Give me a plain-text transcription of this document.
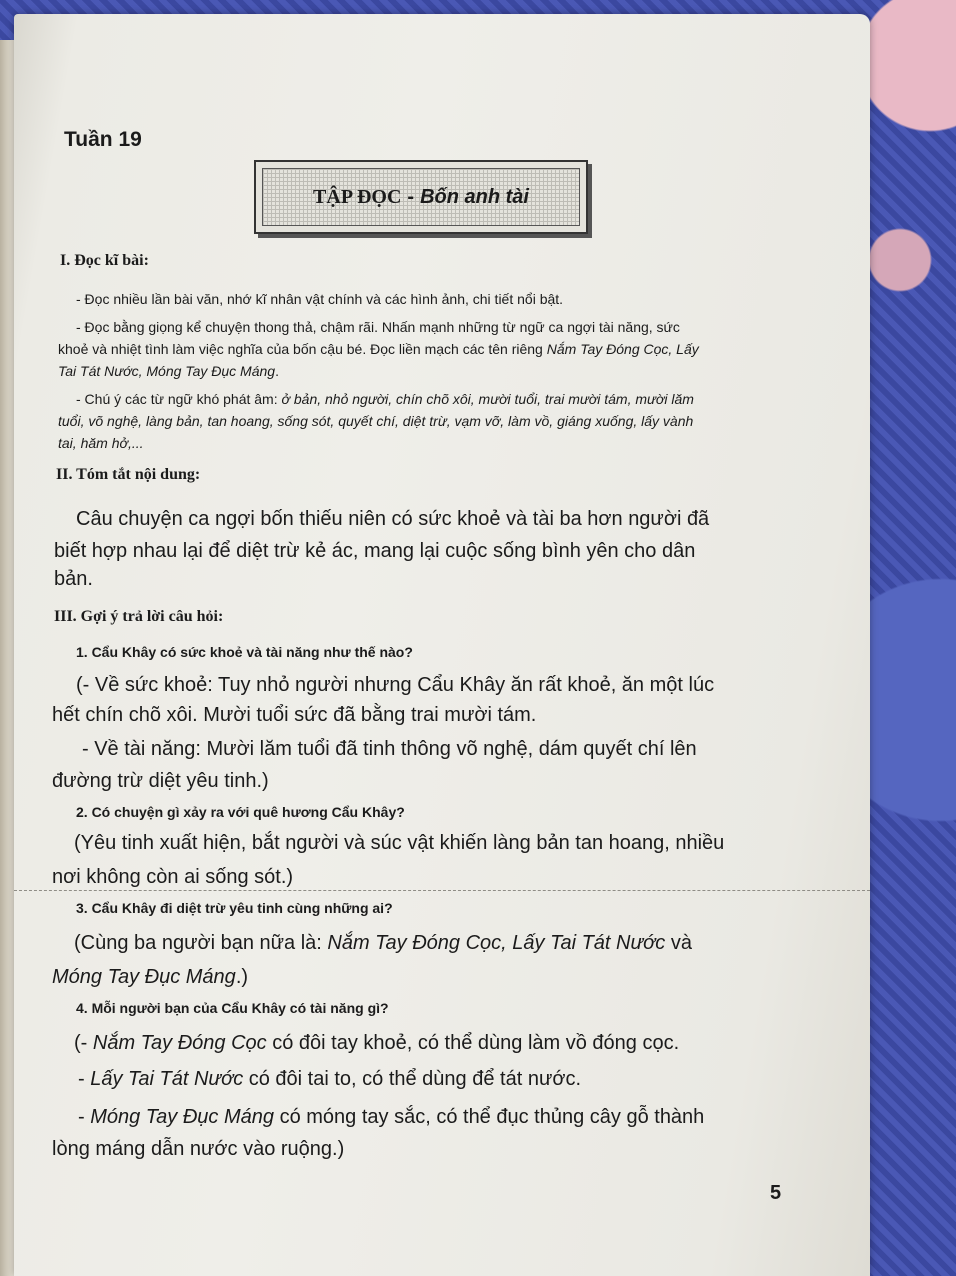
Tuần 19
TẬP ĐỌC - Bốn anh tài
I. Đọc kĩ bài:
- Đọc nhiều lần bài văn, nhớ kĩ nhân vật chính và các hình ảnh, chi tiết nổi bật.
- Đọc bằng giọng kể chuyện thong thả, chậm rãi. Nhấn mạnh những từ ngữ ca ngợi tài năng, sức
khoẻ và nhiệt tình làm việc nghĩa của bốn cậu bé. Đọc liền mạch các tên riêng Nắm Tay Đóng Cọc, Lấy
Tai Tát Nước, Móng Tay Đục Máng.
- Chú ý các từ ngữ khó phát âm: ở bản, nhỏ người, chín chõ xôi, mười tuổi, trai mười tám, mười lăm
tuổi, võ nghệ, làng bản, tan hoang, sống sót, quyết chí, diệt trừ, vạm vỡ, làm vồ, giáng xuống, lấy vành
tai, hăm hở,...
II. Tóm tắt nội dung:
Câu chuyện ca ngợi bốn thiếu niên có sức khoẻ và tài ba hơn người đã
biết hợp nhau lại để diệt trừ kẻ ác, mang lại cuộc sống bình yên cho dân
bản.
III. Gợi ý trả lời câu hỏi:
1. Cẩu Khây có sức khoẻ và tài năng như thế nào?
(- Về sức khoẻ: Tuy nhỏ người nhưng Cẩu Khây ăn rất khoẻ, ăn một lúc
hết chín chõ xôi. Mười tuổi sức đã bằng trai mười tám.
- Về tài năng: Mười lăm tuổi đã tinh thông võ nghệ, dám quyết chí lên
đường trừ diệt yêu tinh.)
2. Có chuyện gì xảy ra với quê hương Cẩu Khây?
(Yêu tinh xuất hiện, bắt người và súc vật khiến làng bản tan hoang, nhiều
nơi không còn ai sống sót.)
3. Cẩu Khây đi diệt trừ yêu tinh cùng những ai?
(Cùng ba người bạn nữa là: Nắm Tay Đóng Cọc, Lấy Tai Tát Nước và
Móng Tay Đục Máng.)
4. Mỗi người bạn của Cẩu Khây có tài năng gì?
(- Nắm Tay Đóng Cọc có đôi tay khoẻ, có thể dùng làm vồ đóng cọc.
- Lấy Tai Tát Nước có đôi tai to, có thể dùng để tát nước.
- Móng Tay Đục Máng có móng tay sắc, có thể đục thủng cây gỗ thành
lòng máng dẫn nước vào ruộng.)
5
